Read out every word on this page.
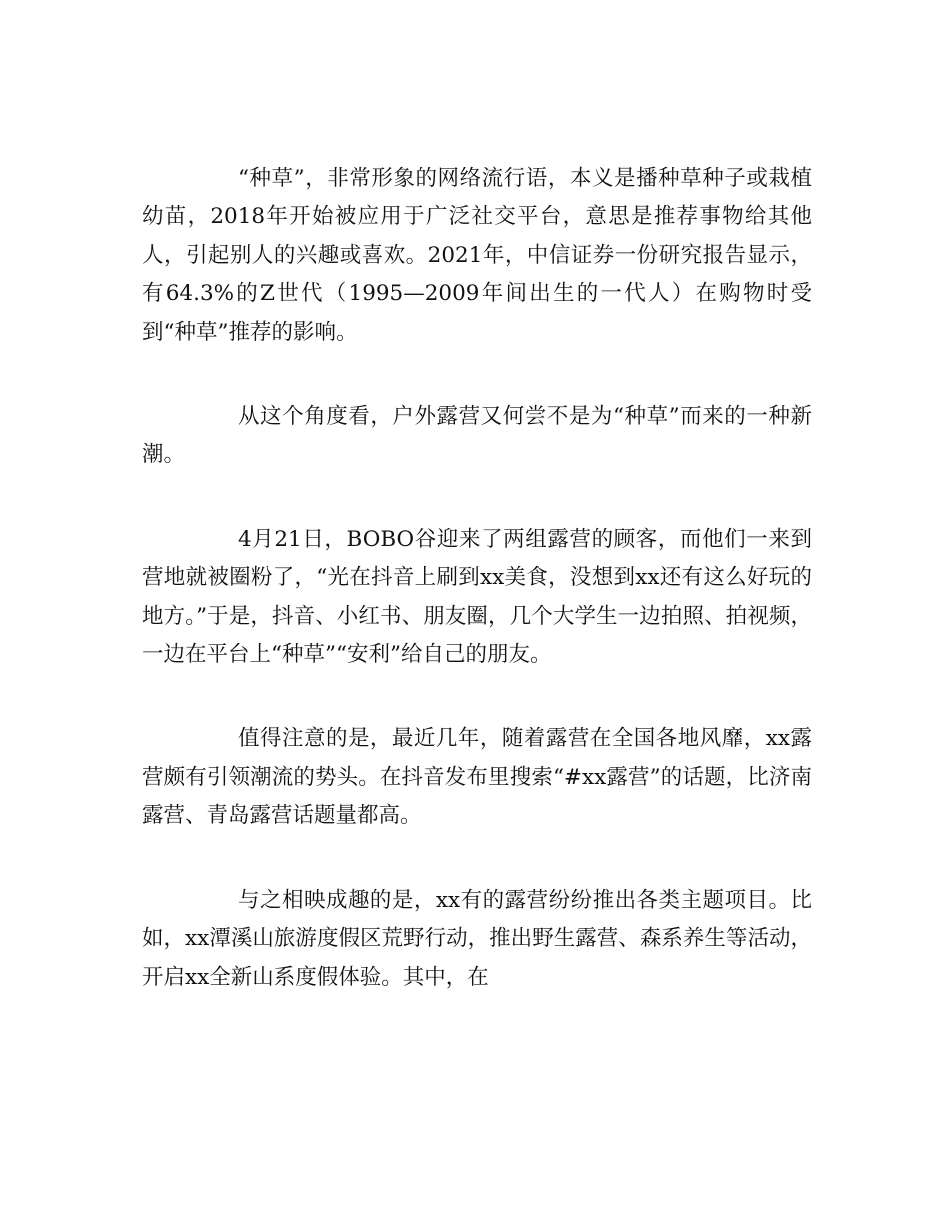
“种草”，非常形象的网络流行语，本义是播种草种子或栽植幼苗，2018年开始被应用于广泛社交平台，意思是推荐事物给其他人，引起别人的兴趣或喜欢。2021年，中信证券一份研究报告显示，有64.3%的Z世代（1995—2009年间出生的一代人）在购物时受到“种草”推荐的影响。

从这个角度看，户外露营又何尝不是为“种草”而来的一种新潮。

4月21日，BOBO谷迎来了两组露营的顾客，而他们一来到营地就被圈粉了，“光在抖音上刷到xx美食，没想到xx还有这么好玩的地方。”于是，抖音、小红书、朋友圈，几个大学生一边拍照、拍视频，一边在平台上“种草”“安利”给自己的朋友。

值得注意的是，最近几年，随着露营在全国各地风靡，xx露营颇有引领潮流的势头。在抖音发布里搜索“#xx露营”的话题，比济南露营、青岛露营话题量都高。

与之相映成趣的是，xx有的露营纷纷推出各类主题项目。比如，xx潭溪山旅游度假区荒野行动，推出野生露营、森系养生等活动，开启xx全新山系度假体验。其中，在
